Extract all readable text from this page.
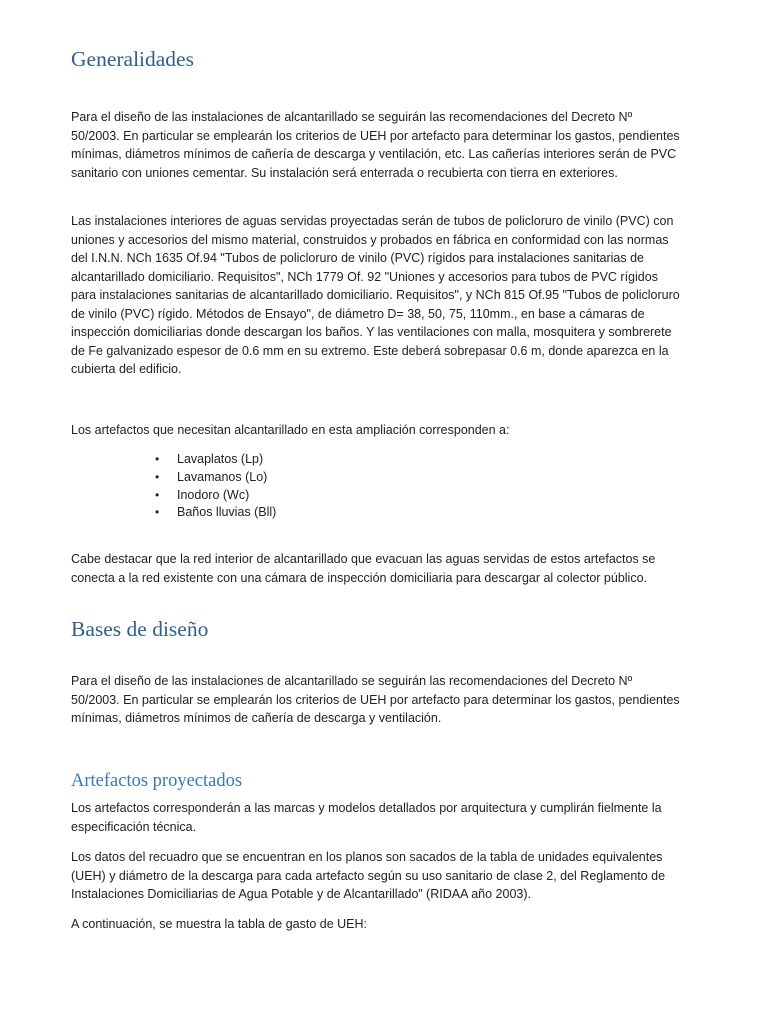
Generalidades

Para el diseño de las instalaciones de alcantarillado se seguirán las recomendaciones del Decreto Nº 50/2003. En particular se emplearán los criterios de UEH por artefacto para determinar los gastos, pendientes mínimas, diámetros mínimos de cañería de descarga y ventilación, etc. Las cañerías interiores serán de PVC sanitario con uniones cementar. Su instalación será enterrada o recubierta con tierra en exteriores.

Las instalaciones interiores de aguas servidas proyectadas serán de tubos de policloruro de vinilo (PVC) con uniones y accesorios del mismo material, construidos y probados en fábrica en conformidad con las normas del I.N.N. NCh 1635 Of.94 "Tubos de policloruro de vinilo (PVC) rígidos para instalaciones sanitarias de alcantarillado domiciliario. Requisitos", NCh 1779 Of. 92 "Uniones y accesorios para tubos de PVC rígidos para instalaciones sanitarias de alcantarillado domiciliario. Requisitos", y NCh 815 Of.95 "Tubos de policloruro de vinilo (PVC) rígido. Métodos de Ensayo", de diámetro D= 38, 50, 75, 110mm., en base a cámaras de inspección domiciliarias donde descargan los baños. Y las ventilaciones con malla, mosquitera y sombrerete de Fe galvanizado espesor de 0.6 mm en su extremo. Este deberá sobrepasar 0.6 m, donde aparezca en la cubierta del edificio.

Los artefactos que necesitan alcantarillado en esta ampliación corresponden a:

• Lavaplatos (Lp)
• Lavamanos (Lo)
• Inodoro (Wc)
• Baños lluvias (Bll)

Cabe destacar que la red interior de alcantarillado que evacuan las aguas servidas de estos artefactos se conecta a la red existente con una cámara de inspección domiciliaria para descargar al colector público.

Bases de diseño

Para el diseño de las instalaciones de alcantarillado se seguirán las recomendaciones del Decreto Nº 50/2003. En particular se emplearán los criterios de UEH por artefacto para determinar los gastos, pendientes mínimas, diámetros mínimos de cañería de descarga y ventilación.

Artefactos proyectados

Los artefactos corresponderán a las marcas y modelos detallados por arquitectura y cumplirán fielmente la especificación técnica.

Los datos del recuadro que se encuentran en los planos son sacados de la tabla de unidades equivalentes (UEH) y diámetro de la descarga para cada artefacto según su uso sanitario de clase 2, del Reglamento de Instalaciones Domiciliarias de Agua Potable y de Alcantarillado” (RIDAA año 2003).

A continuación, se muestra la tabla de gasto de UEH:
